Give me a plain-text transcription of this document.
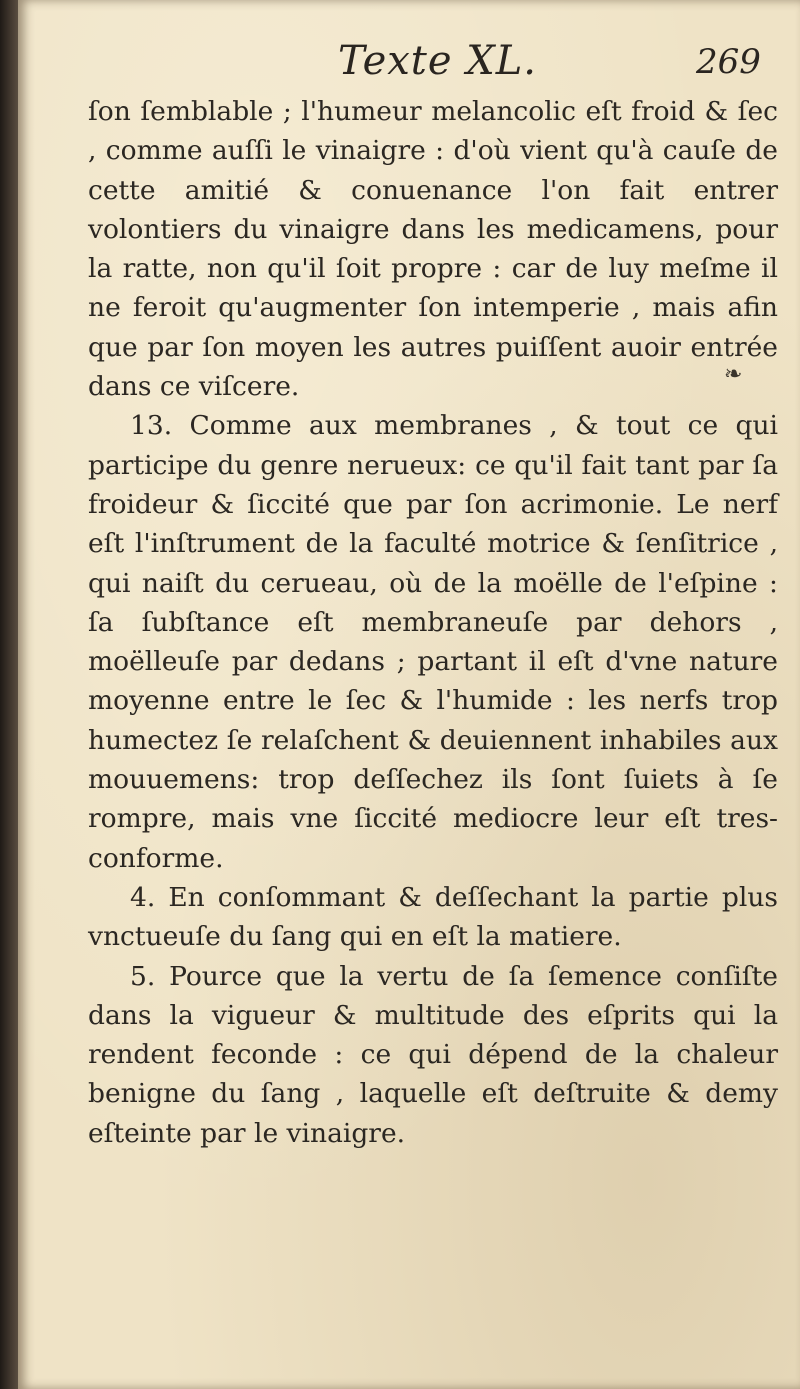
Texte XL.	269
❧

ſon ſemblable ; l'humeur melancolic eſt froid & ſec , comme auſſi le vinaigre : d'où vient qu'à cauſe de cette amitié & conuenance l'on fait entrer volontiers du vinaigre dans les medicamens, pour la ratte, non qu'il ſoit propre : car de luy meſme il ne feroit qu'augmenter ſon intemperie , mais afin que par ſon moyen les autres puiſſent auoir entrée dans ce viſcere.

13. Comme aux membranes , & tout ce qui participe du genre nerueux: ce qu'il fait tant par ſa froideur & ſiccité que par ſon acrimonie. Le nerf eſt l'inſtrument de la faculté motrice & ſenſitrice , qui naiſt du cerueau, où de la moëlle de l'eſpine : ſa ſubſtance eſt membraneuſe par dehors , moëlleuſe par dedans ; partant il eſt d'vne nature moyenne entre le ſec & l'humide : les nerfs trop humectez ſe relaſchent & deuiennent inhabiles aux mouuemens: trop deſſechez ils ſont ſuiets à ſe rompre, mais vne ſiccité mediocre leur eſt tres-conforme.

4. En conſommant & deſſechant la partie plus vnctueuſe du ſang qui en eſt la matiere.

5. Pource que la vertu de ſa ſemence conſiſte dans la vigueur & multitude des eſprits qui la rendent feconde : ce qui dépend de la chaleur benigne du ſang , laquelle eſt deſtruite & demy eſteinte par le vinaigre.
